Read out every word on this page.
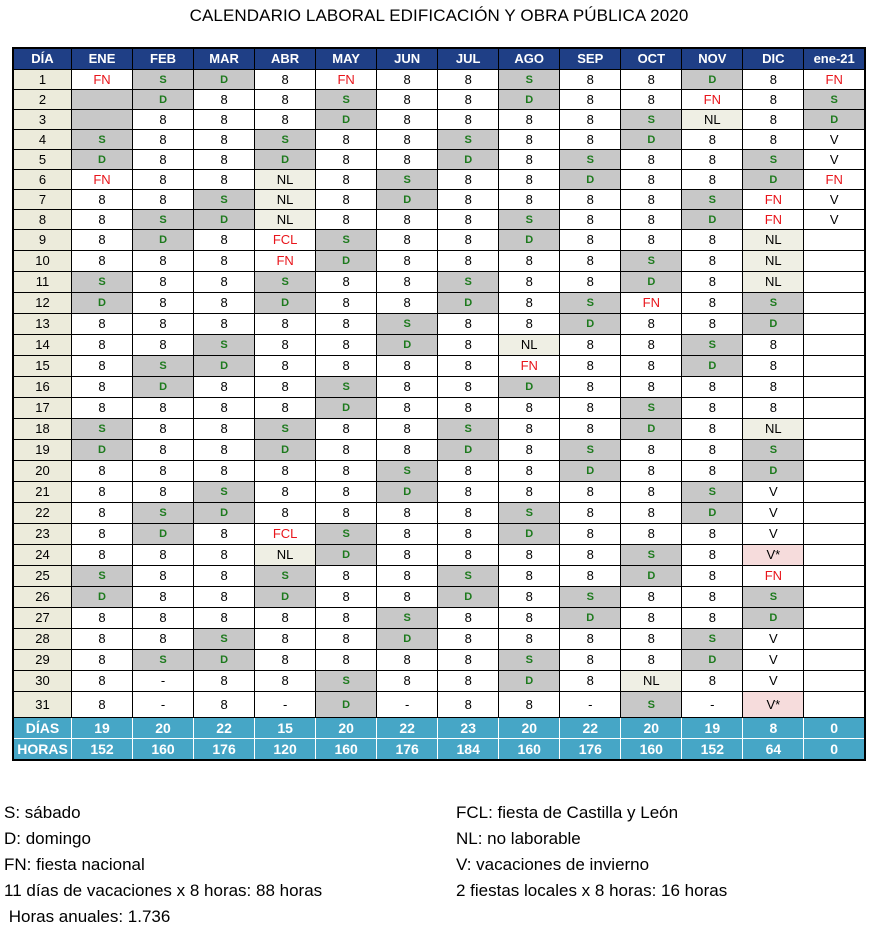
CALENDARIO LABORAL EDIFICACIÓN Y OBRA PÚBLICA 2020
DÍA	ENE	FEB	MAR	ABR	MAY	JUN	JUL	AGO	SEP	OCT	NOV	DIC	ene-21
1	FN	S	D	8	FN	8	8	S	8	8	D	8	FN
2		D	8	8	S	8	8	D	8	8	FN	8	S
3		8	8	8	D	8	8	8	8	S	NL	8	D
4	S	8	8	S	8	8	S	8	8	D	8	8	V
5	D	8	8	D	8	8	D	8	S	8	8	S	V
6	FN	8	8	NL	8	S	8	8	D	8	8	D	FN
7	8	8	S	NL	8	D	8	8	8	8	S	FN	V
8	8	S	D	NL	8	8	8	S	8	8	D	FN	V
9	8	D	8	FCL	S	8	8	D	8	8	8	NL	
10	8	8	8	FN	D	8	8	8	8	S	8	NL	
11	S	8	8	S	8	8	S	8	8	D	8	NL	
12	D	8	8	D	8	8	D	8	S	FN	8	S	
13	8	8	8	8	8	S	8	8	D	8	8	D	
14	8	8	S	8	8	D	8	NL	8	8	S	8	
15	8	S	D	8	8	8	8	FN	8	8	D	8	
16	8	D	8	8	S	8	8	D	8	8	8	8	
17	8	8	8	8	D	8	8	8	8	S	8	8	
18	S	8	8	S	8	8	S	8	8	D	8	NL	
19	D	8	8	D	8	8	D	8	S	8	8	S	
20	8	8	8	8	8	S	8	8	D	8	8	D	
21	8	8	S	8	8	D	8	8	8	8	S	V	
22	8	S	D	8	8	8	8	S	8	8	D	V	
23	8	D	8	FCL	S	8	8	D	8	8	8	V	
24	8	8	8	NL	D	8	8	8	8	S	8	V*	
25	S	8	8	S	8	8	S	8	8	D	8	FN	
26	D	8	8	D	8	8	D	8	S	8	8	S	
27	8	8	8	8	8	S	8	8	D	8	8	D	
28	8	8	S	8	8	D	8	8	8	8	S	V	
29	8	S	D	8	8	8	8	S	8	8	D	V	
30	8	-	8	8	S	8	8	D	8	NL	8	V	
31	8	-	8	-	D	-	8	8	-	S	-	V*	
DÍAS	19	20	22	15	20	22	23	20	22	20	19	8	0
HORAS	152	160	176	120	160	176	184	160	176	160	152	64	0
S: sábado
D: domingo
FN: fiesta nacional
11 días de vacaciones x 8 horas: 88 horas
Horas anuales: 1.736
FCL: fiesta de Castilla y León
NL: no laborable
V: vacaciones de invierno
2 fiestas locales x 8 horas: 16 horas
